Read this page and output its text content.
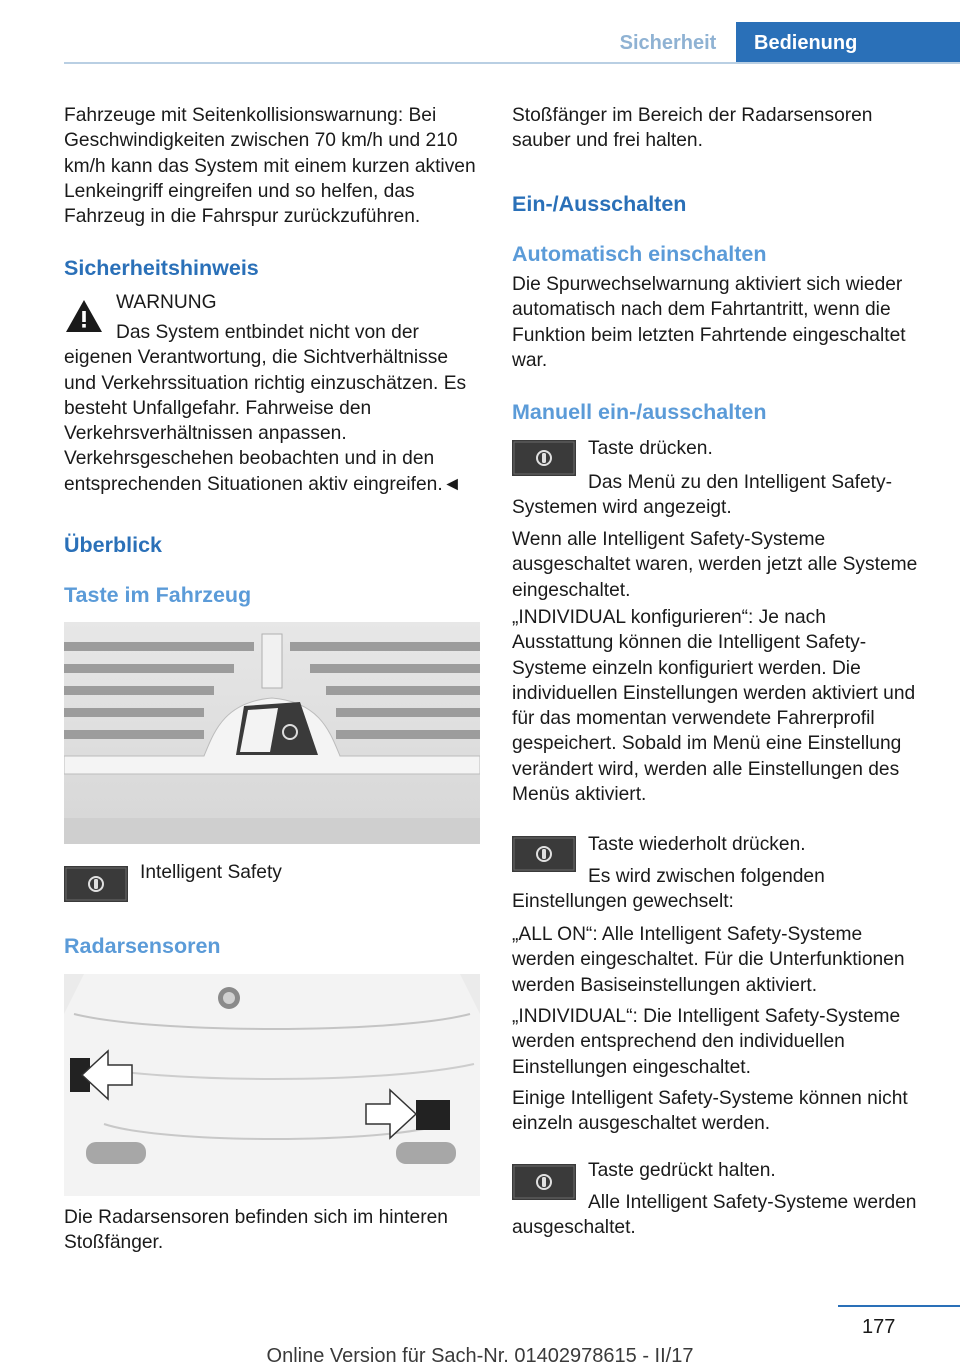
Sicherheit	Bedienung

Fahrzeuge mit Seitenkollisionswarnung: Bei Geschwindigkeiten zwischen 70 km/h und 210 km/h kann das System mit einem kurzen aktiven Lenkeingriff eingreifen und so helfen, das Fahrzeug in die Fahrspur zurückzuführen.

Sicherheitshinweis
WARNUNG

Das System entbindet nicht von der eigenen Verantwortung, die Sichtverhältnisse und Verkehrssituation richtig einzuschätzen. Es besteht Unfallgefahr. Fahrweise den Verkehrsverhältnissen anpassen. Verkehrsgeschehen beobachten und in den entsprechenden Situationen aktiv eingreifen.◄

Überblick
Taste im Fahrzeug
Intelligent Safety
Radarsensoren

Die Radarsensoren befinden sich im hinteren Stoßfänger.

Stoßfänger im Bereich der Radarsensoren sauber und frei halten.

Ein-/Ausschalten
Automatisch einschalten

Die Spurwechselwarnung aktiviert sich wieder automatisch nach dem Fahrtantritt, wenn die Funktion beim letzten Fahrtende eingeschaltet war.

Manuell ein-/ausschalten
Taste drücken.

Das Menü zu den Intelligent Safety-Systemen wird angezeigt.

Wenn alle Intelligent Safety-Systeme ausgeschaltet waren, werden jetzt alle Systeme eingeschaltet.

„INDIVIDUAL konfigurieren“: Je nach Ausstattung können die Intelligent Safety-Systeme einzeln konfiguriert werden. Die individuellen Einstellungen werden aktiviert und für das momentan verwendete Fahrerprofil gespeichert. Sobald im Menü eine Einstellung verändert wird, werden alle Einstellungen des Menüs aktiviert.

Taste wiederholt drücken.

Es wird zwischen folgenden Einstellungen gewechselt:

„ALL ON“: Alle Intelligent Safety-Systeme werden eingeschaltet. Für die Unterfunktionen werden Basiseinstellungen aktiviert.

„INDIVIDUAL“: Die Intelligent Safety-Systeme werden entsprechend den individuellen Einstellungen eingeschaltet.

Einige Intelligent Safety-Systeme können nicht einzeln ausgeschaltet werden.

Taste gedrückt halten.

Alle Intelligent Safety-Systeme werden ausgeschaltet.

177
Online Version für Sach-Nr. 01402978615 - II/17
